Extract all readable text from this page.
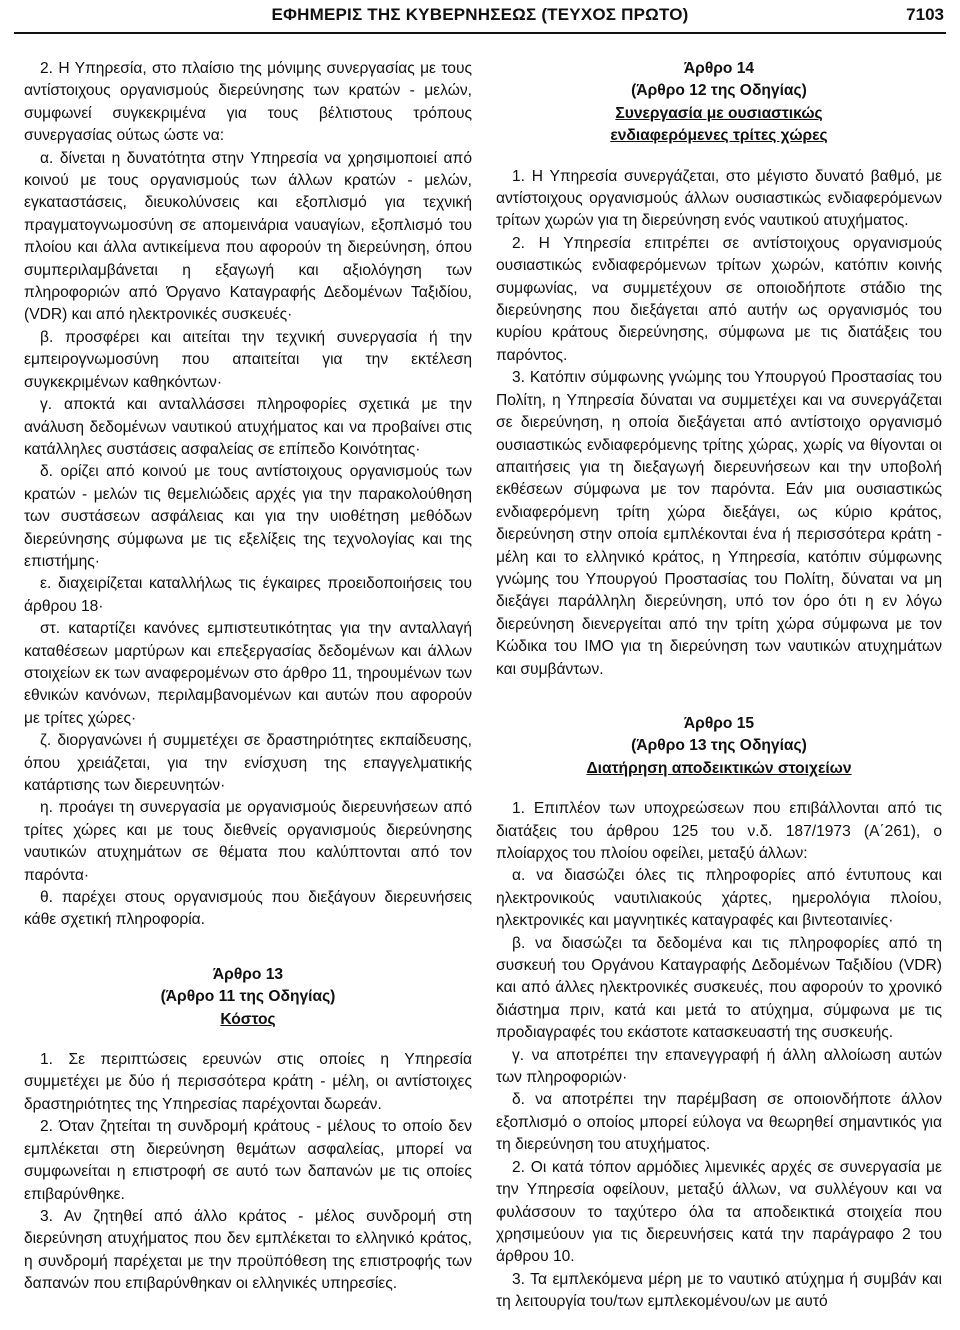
ΕΦΗΜΕΡΙΣ ΤΗΣ ΚΥΒΕΡΝΗΣΕΩΣ (ΤΕΥΧΟΣ ΠΡΩΤΟ)	7103

2. Η Υπηρεσία, στο πλαίσιο της μόνιμης συνεργασίας με τους αντίστοιχους οργανισμούς διερεύνησης των κρατών - μελών, συμφωνεί συγκεκριμένα για τους βέλτιστους τρόπους συνεργασίας ούτως ώστε να:

α. δίνεται η δυνατότητα στην Υπηρεσία να χρησιμοποιεί από κοινού με τους οργανισμούς των άλλων κρατών - μελών, εγκαταστάσεις, διευκολύνσεις και εξοπλισμό για τεχνική πραγματογνωμοσύνη σε απομεινάρια ναυαγίων, εξοπλισμό του πλοίου και άλλα αντικείμενα που αφορούν τη διερεύνηση, όπου συμπεριλαμβάνεται η εξαγωγή και αξιολόγηση των πληροφοριών από Όργανο Καταγραφής Δεδομένων Ταξιδίου, (VDR) και από ηλεκτρονικές συσκευές·

β. προσφέρει και αιτείται την τεχνική συνεργασία ή την εμπειρογνωμοσύνη που απαιτείται για την εκτέλεση συγκεκριμένων καθηκόντων·

γ. αποκτά και ανταλλάσσει πληροφορίες σχετικά με την ανάλυση δεδομένων ναυτικού ατυχήματος και να προβαίνει στις κατάλληλες συστάσεις ασφαλείας σε επίπεδο Κοινότητας·

δ. ορίζει από κοινού με τους αντίστοιχους οργανισμούς των κρατών - μελών τις θεμελιώδεις αρχές για την παρακολούθηση των συστάσεων ασφάλειας και για την υιοθέτηση μεθόδων διερεύνησης σύμφωνα με τις εξελίξεις της τεχνολογίας και της επιστήμης·

ε. διαχειρίζεται καταλλήλως τις έγκαιρες προειδοποιήσεις του άρθρου 18·

στ. καταρτίζει κανόνες εμπιστευτικότητας για την ανταλλαγή καταθέσεων μαρτύρων και επεξεργασίας δεδομένων και άλλων στοιχείων εκ των αναφερομένων στο άρθρο 11, τηρουμένων των εθνικών κανόνων, περιλαμβανομένων και αυτών που αφορούν με τρίτες χώρες·

ζ. διοργανώνει ή συμμετέχει σε δραστηριότητες εκπαίδευσης, όπου χρειάζεται, για την ενίσχυση της επαγγελματικής κατάρτισης των διερευνητών·

η. προάγει τη συνεργασία με οργανισμούς διερευνήσεων από τρίτες χώρες και με τους διεθνείς οργανισμούς διερεύνησης ναυτικών ατυχημάτων σε θέματα που καλύπτονται από τον παρόντα·

θ. παρέχει στους οργανισμούς που διεξάγουν διερευνήσεις κάθε σχετική πληροφορία.

Άρθρο 13
(Άρθρο 11 της Οδηγίας)
Κόστος

1. Σε περιπτώσεις ερευνών στις οποίες η Υπηρεσία συμμετέχει με δύο ή περισσότερα κράτη - μέλη, οι αντίστοιχες δραστηριότητες της Υπηρεσίας παρέχονται δωρεάν.

2. Όταν ζητείται τη συνδρομή κράτους - μέλους το οποίο δεν εμπλέκεται στη διερεύνηση θεμάτων ασφαλείας, μπορεί να συμφωνείται η επιστροφή σε αυτό των δαπανών με τις οποίες επιβαρύνθηκε.

3. Αν ζητηθεί από άλλο κράτος - μέλος συνδρομή στη διερεύνηση ατυχήματος που δεν εμπλέκεται το ελληνικό κράτος, η συνδρομή παρέχεται με την προϋπόθεση της επιστροφής των δαπανών που επιβαρύνθηκαν οι ελληνικές υπηρεσίες.

Άρθρο 14
(Άρθρο 12 της Οδηγίας)
Συνεργασία με ουσιαστικώς
ενδιαφερόμενες τρίτες χώρες

1. Η Υπηρεσία συνεργάζεται, στο μέγιστο δυνατό βαθμό, με αντίστοιχους οργανισμούς άλλων ουσιαστικώς ενδιαφερόμενων τρίτων χωρών για τη διερεύνηση ενός ναυτικού ατυχήματος.

2. Η Υπηρεσία επιτρέπει σε αντίστοιχους οργανισμούς ουσιαστικώς ενδιαφερόμενων τρίτων χωρών, κατόπιν κοινής συμφωνίας, να συμμετέχουν σε οποιοδήποτε στάδιο της διερεύνησης που διεξάγεται από αυτήν ως οργανισμός του κυρίου κράτους διερεύνησης, σύμφωνα με τις διατάξεις του παρόντος.

3. Κατόπιν σύμφωνης γνώμης του Υπουργού Προστασίας του Πολίτη, η Υπηρεσία δύναται να συμμετέχει και να συνεργάζεται σε διερεύνηση, η οποία διεξάγεται από αντίστοιχο οργανισμό ουσιαστικώς ενδιαφερόμενης τρίτης χώρας, χωρίς να θίγονται οι απαιτήσεις για τη διεξαγωγή διερευνήσεων και την υποβολή εκθέσεων σύμφωνα με τον παρόντα. Εάν μια ουσιαστικώς ενδιαφερόμενη τρίτη χώρα διεξάγει, ως κύριο κράτος, διερεύνηση στην οποία εμπλέκονται ένα ή περισσότερα κράτη - μέλη και το ελληνικό κράτος, η Υπηρεσία, κατόπιν σύμφωνης γνώμης του Υπουργού Προστασίας του Πολίτη, δύναται να μη διεξάγει παράλληλη διερεύνηση, υπό τον όρο ότι η εν λόγω διερεύνηση διενεργείται από την τρίτη χώρα σύμφωνα με τον Κώδικα του ΙΜΟ για τη διερεύνηση των ναυτικών ατυχημάτων και συμβάντων.

Άρθρο 15
(Άρθρο 13 της Οδηγίας)
Διατήρηση αποδεικτικών στοιχείων

1. Επιπλέον των υποχρεώσεων που επιβάλλονται από τις διατάξεις του άρθρου 125 του ν.δ. 187/1973 (Α΄261), ο πλοίαρχος του πλοίου οφείλει, μεταξύ άλλων:

α. να διασώζει όλες τις πληροφορίες από έντυπους και ηλεκτρονικούς ναυτιλιακούς χάρτες, ημερολόγια πλοίου, ηλεκτρονικές και μαγνητικές καταγραφές και βιντεοταινίες·

β. να διασώζει τα δεδομένα και τις πληροφορίες από τη συσκευή του Οργάνου Καταγραφής Δεδομένων Ταξιδίου (VDR) και από άλλες ηλεκτρονικές συσκευές, που αφορούν το χρονικό διάστημα πριν, κατά και μετά το ατύχημα, σύμφωνα με τις προδιαγραφές του εκάστοτε κατασκευαστή της συσκευής.

γ. να αποτρέπει την επανεγγραφή ή άλλη αλλοίωση αυτών των πληροφοριών·

δ. να αποτρέπει την παρέμβαση σε οποιονδήποτε άλλον εξοπλισμό ο οποίος μπορεί εύλογα να θεωρηθεί σημαντικός για τη διερεύνηση του ατυχήματος.

2. Οι κατά τόπον αρμόδιες λιμενικές αρχές σε συνεργασία με την Υπηρεσία οφείλουν, μεταξύ άλλων, να συλλέγουν και να φυλάσσουν το ταχύτερο όλα τα αποδεικτικά στοιχεία που χρησιμεύουν για τις διερευνήσεις κατά την παράγραφο 2 του άρθρου 10.

3. Τα εμπλεκόμενα μέρη με το ναυτικό ατύχημα ή συμβάν και τη λειτουργία του/των εμπλεκομένου/ων με αυτό
